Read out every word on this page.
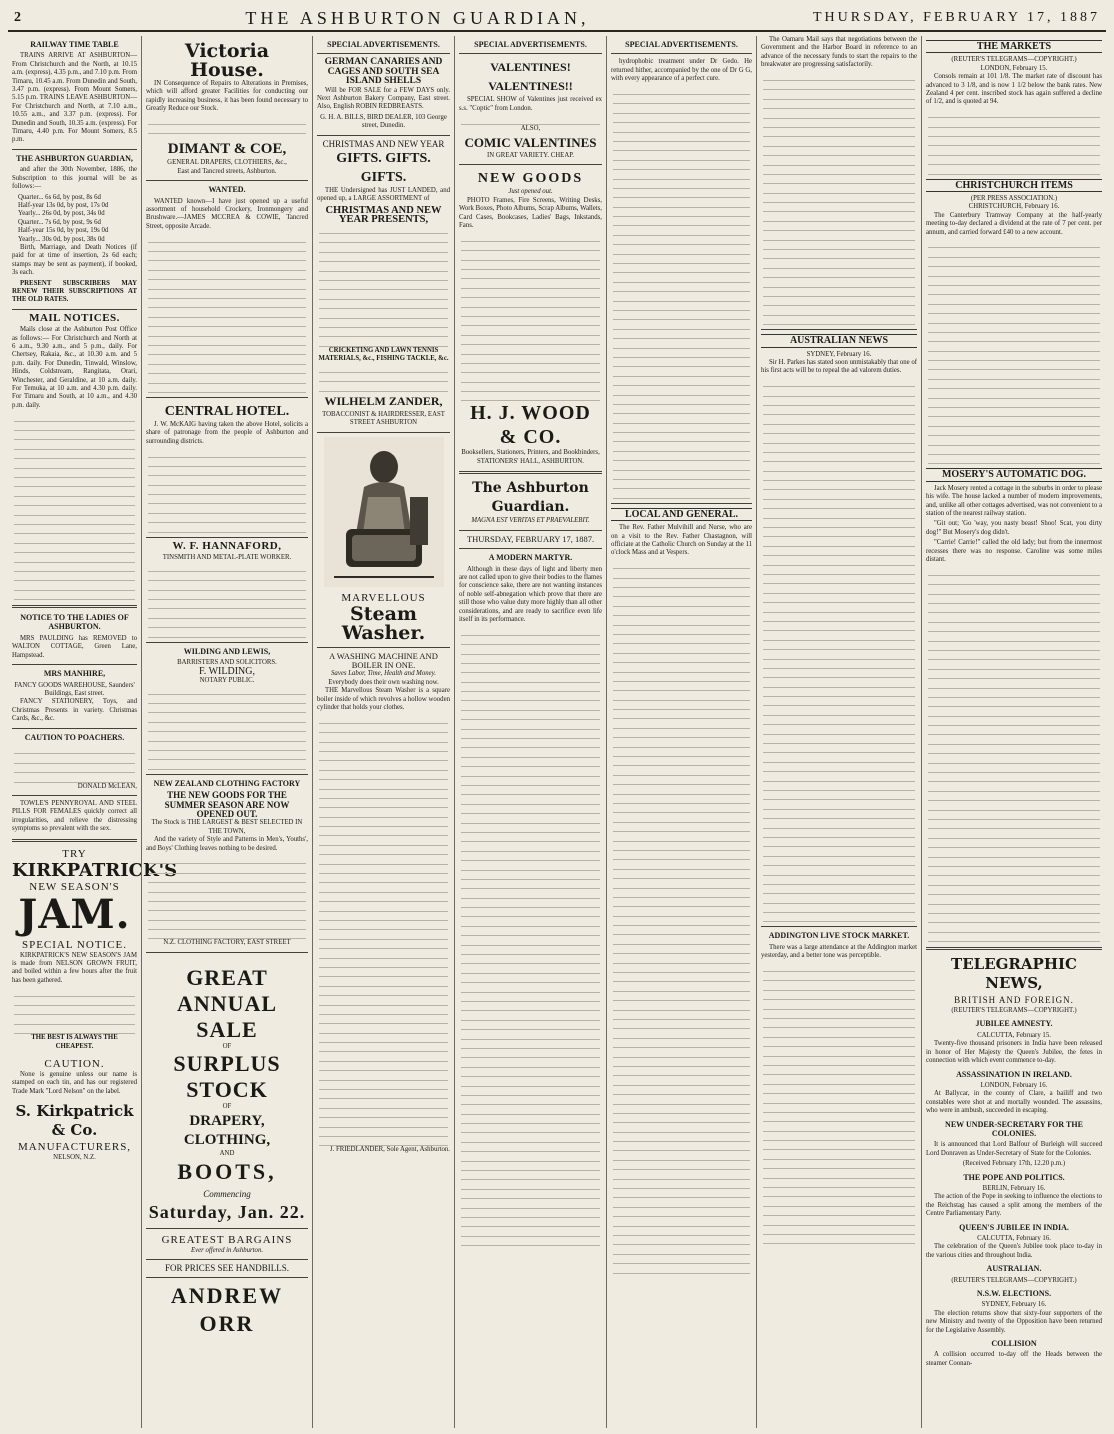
2	THE ASHBURTON GUARDIAN,	THURSDAY, FEBRUARY 17, 1887
RAILWAY TIME TABLE

TRAINS ARRIVE AT ASHBURTON—From Christchurch and the North, at 10.15 a.m. (express), 4.35 p.m., and 7.10 p.m. From Timaru, 10.45 a.m. From Dunedin and South, 3.47 p.m. (express). From Mount Somers, 5.15 p.m. TRAINS LEAVE ASHBURTON—For Christchurch and North, at 7.10 a.m., 10.55 a.m., and 3.37 p.m. (express). For Dunedin and South, 10.35 a.m. (express). For Timaru, 4.40 p.m. For Mount Somers, 8.5 p.m.

THE ASHBURTON GUARDIAN,

and after the 30th November, 1886, the Subscription to this journal will be as follows:—

Quarter... 6s 6d, by post, 8s 6d
Half-year 13s 0d, by post, 17s 0d
Yearly... 26s 0d, by post, 34s 0d
Quarter... 7s 6d, by post, 9s 6d
Half-year 15s 0d, by post, 19s 0d
Yearly... 30s 0d, by post, 38s 0d

Birth, Marriage, and Death Notices (if paid for at time of insertion, 2s 6d each; stamps may be sent as payment), if booked, 3s each.

PRESENT SUBSCRIBERS MAY RENEW THEIR SUBSCRIPTIONS AT THE OLD RATES.

MAIL NOTICES.

Mails close at the Ashburton Post Office as follows:— For Christchurch and North at 6 a.m., 9.30 a.m., and 5 p.m., daily. For Chertsey, Rakaia, &c., at 10.30 a.m. and 5 p.m. daily. For Dunedin, Tinwald, Winslow, Hinds, Coldstream, Rangitata, Orari, Winchester, and Geraldine, at 10 a.m. daily. For Temuka, at 10 a.m. and 4.30 p.m. daily. For Timaru and South, at 10 a.m., and 4.30 p.m. daily.

NOTICE TO THE LADIES OF ASHBURTON.

MRS PAULDING has REMOVED to WALTON COTTAGE, Green Lane, Hampstead.

MRS MANHIRE,
FANCY GOODS WAREHOUSE, Saunders' Buildings, East street.

FANCY STATIONERY, Toys, and Christmas Presents in variety. Christmas Cards, &c., &c.

CAUTION TO POACHERS.
DONALD McLEAN,

TOWLE'S PENNYROYAL AND STEEL PILLS FOR FEMALES quickly correct all irregularities, and relieve the distressing symptoms so prevalent with the sex.

TRY
KIRKPATRICK'S
NEW SEASON'S
JAM.
SPECIAL NOTICE.

KIRKPATRICK'S NEW SEASON'S JAM is made from NELSON GROWN FRUIT, and boiled within a few hours after the fruit has been gathered.

THE BEST IS ALWAYS THE CHEAPEST.
CAUTION.

None is genuine unless our name is stamped on each tin, and has our registered Trade Mark "Lord Nelson" on the label.

S. Kirkpatrick & Co.
MANUFACTURERS,
NELSON, N.Z.
Victoria House.

IN Consequence of Repairs to Alterations in Premises, which will afford greater Facilities for conducting our rapidly increasing business, it has been found necessary to Greatly Reduce our Stock.

DIMANT & COE,
GENERAL DRAPERS, CLOTHIERS, &c.,
East and Tancred streets, Ashburton.
WANTED.

WANTED known—I have just opened up a useful assortment of household Crockery, Ironmongery and Brushware.—JAMES MCCREA & COWIE, Tancred Street, opposite Arcade.

CENTRAL HOTEL.

J. W. McKAIG having taken the above Hotel, solicits a share of patronage from the people of Ashburton and surrounding districts.

W. F. HANNAFORD,
TINSMITH AND METAL-PLATE WORKER.
WILDING AND LEWIS,
BARRISTERS AND SOLICITORS.
F. WILDING,
NOTARY PUBLIC.
NEW ZEALAND CLOTHING FACTORY
THE NEW GOODS FOR THE SUMMER SEASON ARE NOW OPENED OUT.
The Stock is THE LARGEST & BEST SELECTED IN THE TOWN,

And the variety of Style and Patterns in Men's, Youths', and Boys' Clothing leaves nothing to be desired.

N.Z. CLOTHING FACTORY, EAST STREET
GREAT
ANNUAL SALE
OF
SURPLUS STOCK
OF
DRAPERY, CLOTHING,
AND
BOOTS,
Commencing
Saturday, Jan. 22.
GREATEST BARGAINS
Ever offered in Ashburton.
FOR PRICES SEE HANDBILLS.
ANDREW ORR
SPECIAL ADVERTISEMENTS.
GERMAN CANARIES AND CAGES AND SOUTH SEA ISLAND SHELLS

Will be FOR SALE for a FEW DAYS only. Next Ashburton Bakery Company, East street. Also, English ROBIN REDBREASTS.

G. H. A. BILLS, BIRD DEALER, 103 George street, Dunedin.
CHRISTMAS AND NEW YEAR
GIFTS. GIFTS. GIFTS.

THE Undersigned has JUST LANDED, and opened up, a LARGE ASSORTMENT of

CHRISTMAS AND NEW YEAR PRESENTS,
CRICKETING AND LAWN TENNIS MATERIALS, &c., FISHING TACKLE, &c.
WILHELM ZANDER,
TOBACCONIST & HAIRDRESSER, EAST STREET ASHBURTON
MARVELLOUS
Steam Washer.
A WASHING MACHINE AND BOILER IN ONE.
Saves Labor, Time, Health and Money.
Everybody does their own washing now.

THE Marvellous Steam Washer is a square boiler inside of which revolves a hollow wooden cylinder that holds your clothes.

J. FRIEDLANDER, Sole Agent, Ashburton.
SPECIAL ADVERTISEMENTS.
VALENTINES! VALENTINES!!

SPECIAL SHOW of Valentines just received ex s.s. "Coptic" from London.

ALSO,
COMIC VALENTINES
IN GREAT VARIETY. CHEAP.
NEW GOODS
Just opened out.

PHOTO Frames, Fire Screens, Writing Desks, Work Boxes, Photo Albums, Scrap Albums, Wallets, Card Cases, Bookcases, Ladies' Bags, Inkstands, Fans.

H. J. WOOD & CO.
Booksellers, Stationers, Printers, and Bookbinders,
STATIONERS' HALL, ASHBURTON.
The Ashburton Guardian.
MAGNA EST VERITAS ET PRAEVALEBIT.
THURSDAY, FEBRUARY 17, 1887.
A MODERN MARTYR.

Although in these days of light and liberty men are not called upon to give their bodies to the flames for conscience sake, there are not wanting instances of noble self-abnegation which prove that there are still those who value duty more highly than all other considerations, and are ready to sacrifice even life itself in its performance.

SPECIAL ADVERTISEMENTS.

hydrophobic treatment under Dr Gedo. He returned hither, accompanied by the one of Dr G G, with every appearance of a perfect cure.

LOCAL AND GENERAL.

The Rev. Father Mulvihill and Nurse, who are on a visit to the Rev. Father Chastagnon, will officiate at the Catholic Church on Sunday at the 11 o'clock Mass and at Vespers.

The Oamaru Mail says that negotiations between the Government and the Harbor Board in reference to an advance of the necessary funds to start the repairs to the breakwater are progressing satisfactorily.

AUSTRALIAN NEWS
SYDNEY, February 16.

Sir H. Parkes has stated soon unmistakably that one of his first acts will be to repeal the ad valorem duties.

ADDINGTON LIVE STOCK MARKET.

There was a large attendance at the Addington market yesterday, and a better tone was perceptible.

THE MARKETS
(REUTER'S TELEGRAMS—COPYRIGHT.)
LONDON, February 15.

Consols remain at 101 1/8. The market rate of discount has advanced to 3 1/8, and is now 1 1/2 below the bank rates. New Zealand 4 per cent. inscribed stock has again suffered a decline of 1/2, and is quoted at 94.

CHRISTCHURCH ITEMS
(PER PRESS ASSOCIATION.)
CHRISTCHURCH, February 16.

The Canterbury Tramway Company at the half-yearly meeting to-day declared a dividend at the rate of 7 per cent. per annum, and carried forward £40 to a new account.

MOSERY'S AUTOMATIC DOG.

Jack Mosery rented a cottage in the suburbs in order to please his wife. The house lacked a number of modern improvements, and, unlike all other cottages advertised, was not convenient to a station of the nearest railway station.

"Git out; 'Go 'way, you nasty beast! Shoo! Scat, you dirty dog!" But Mosery's dog didn't.

"Carrie! Carrie!" called the old lady; but from the innermost recesses there was no response. Caroline was some miles distant.

TELEGRAPHIC NEWS,
BRITISH AND FOREIGN.
(REUTER'S TELEGRAMS—COPYRIGHT.)
JUBILEE AMNESTY.
CALCUTTA, February 15.

Twenty-five thousand prisoners in India have been released in honor of Her Majesty the Queen's Jubilee, the fetes in connection with which event commence to-day.

ASSASSINATION IN IRELAND.
LONDON, February 16.

At Ballycar, in the county of Clare, a bailiff and two constables were shot at and mortally wounded. The assassins, who were in ambush, succeeded in escaping.

NEW UNDER-SECRETARY FOR THE COLONIES.

It is announced that Lord Balfour of Burleigh will succeed Lord Donraven as Under-Secretary of State for the Colonies.

(Received February 17th, 12.20 p.m.)
THE POPE AND POLITICS.
BERLIN, February 16.

The action of the Pope in seeking to influence the elections to the Reichstag has caused a split among the members of the Centre Parliamentary Party.

QUEEN'S JUBILEE IN INDIA.
CALCUTTA, February 16.

The celebration of the Queen's Jubilee took place to-day in the various cities and throughout India.

AUSTRALIAN.
(REUTER'S TELEGRAMS—COPYRIGHT.)
N.S.W. ELECTIONS.
SYDNEY, February 16.

The election returns show that sixty-four supporters of the new Ministry and twenty of the Opposition have been returned for the Legislative Assembly.

COLLISION

A collision occurred to-day off the Heads between the steamer Coonan-
